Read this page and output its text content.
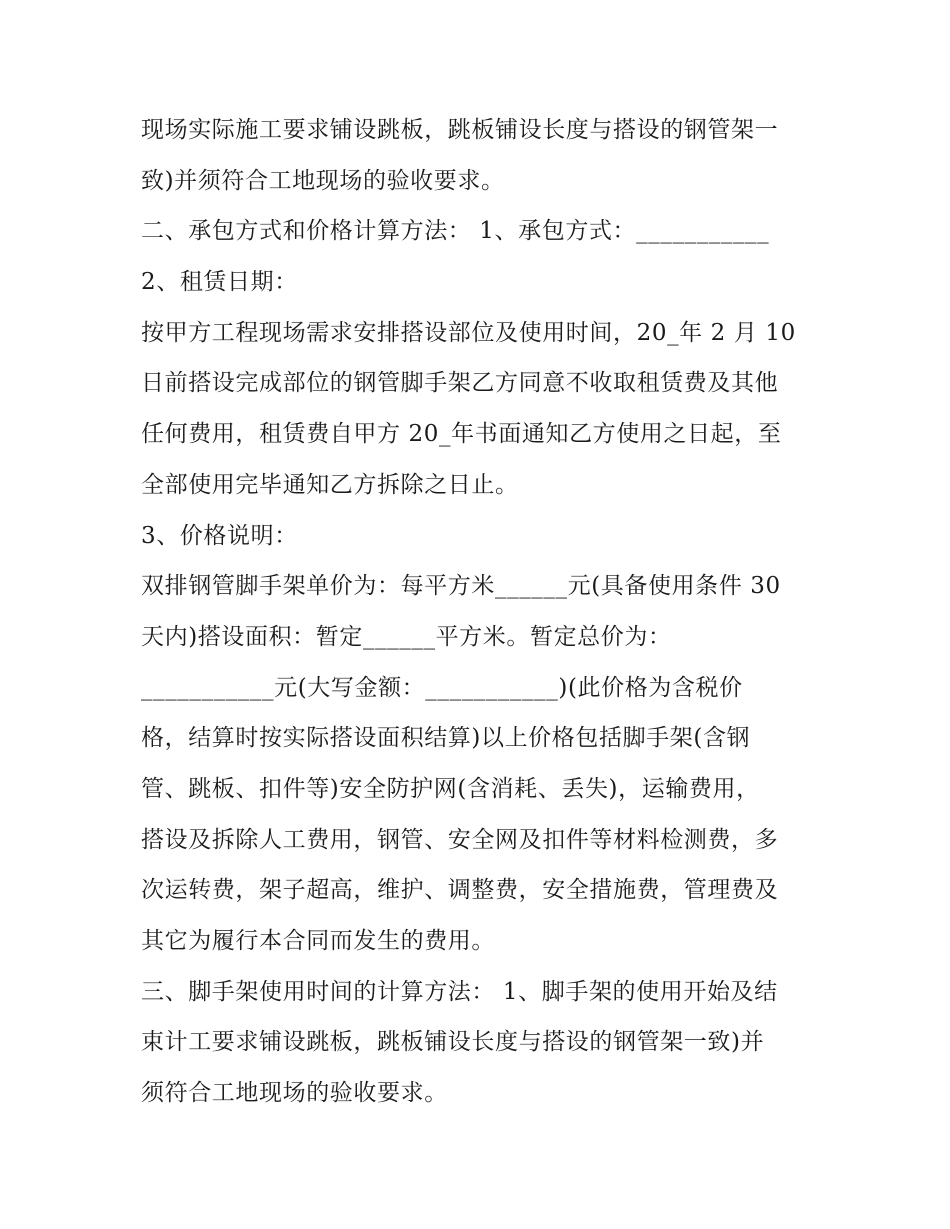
现场实际施工要求铺设跳板，跳板铺设长度与搭设的钢管架一
致)并须符合工地现场的验收要求。
二、承包方式和价格计算方法： 1、承包方式：___________
2、租赁日期：
按甲方工程现场需求安排搭设部位及使用时间，20_年 2 月 10
日前搭设完成部位的钢管脚手架乙方同意不收取租赁费及其他
任何费用，租赁费自甲方 20_年书面通知乙方使用之日起，至
全部使用完毕通知乙方拆除之日止。
3、价格说明：
双排钢管脚手架单价为：每平方米______元(具备使用条件 30
天内)搭设面积：暂定______平方米。暂定总价为：
___________元(大写金额：___________)(此价格为含税价
格，结算时按实际搭设面积结算)以上价格包括脚手架(含钢
管、跳板、扣件等)安全防护网(含消耗、丢失)，运输费用，
搭设及拆除人工费用，钢管、安全网及扣件等材料检测费，多
次运转费，架子超高，维护、调整费，安全措施费，管理费及
其它为履行本合同而发生的费用。
三、脚手架使用时间的计算方法： 1、脚手架的使用开始及结
束计工要求铺设跳板，跳板铺设长度与搭设的钢管架一致)并
须符合工地现场的验收要求。
